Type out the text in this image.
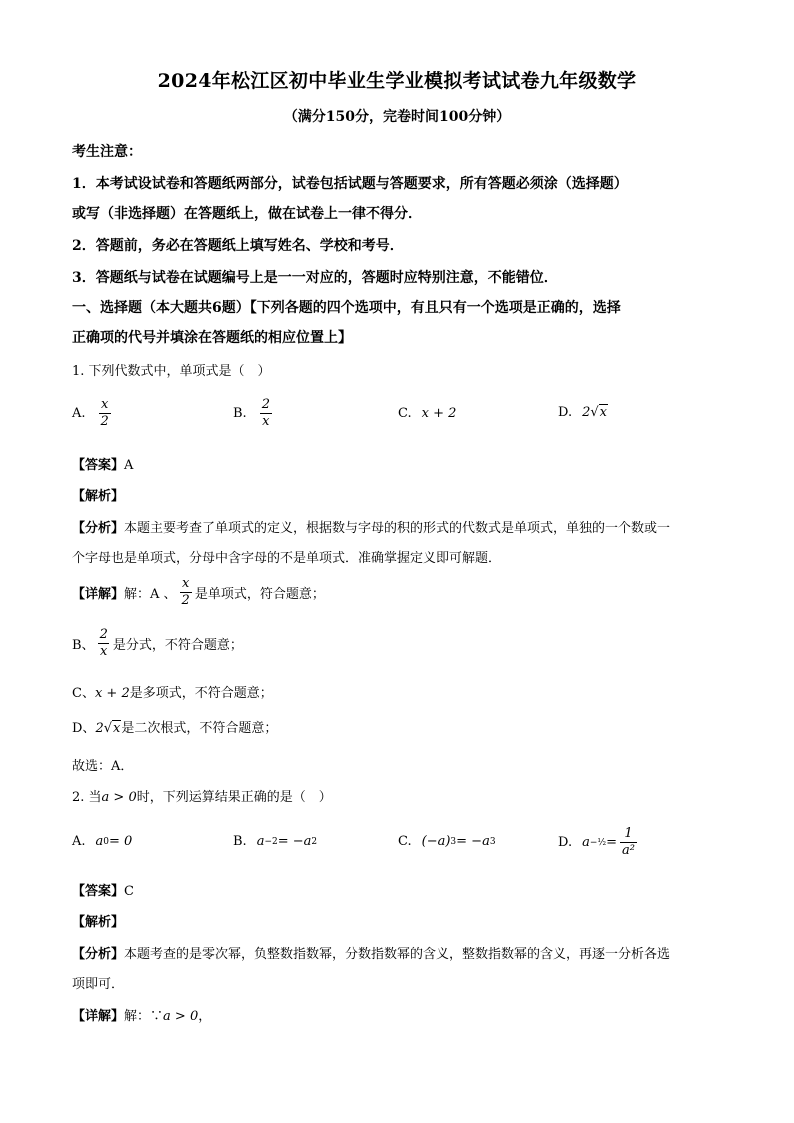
2024年松江区初中毕业生学业模拟考试试卷九年级数学
（满分150分，完卷时间100分钟）
考生注意：
1．本考试设试卷和答题纸两部分，试卷包括试题与答题要求，所有答题必须涂（选择题）
或写（非选择题）在答题纸上，做在试卷上一律不得分．
2．答题前，务必在答题纸上填写姓名、学校和考号．
3．答题纸与试卷在试题编号上是一一对应的，答题时应特别注意，不能错位．
一、选择题（本大题共6题）【下列各题的四个选项中，有且只有一个选项是正确的，选择
正确项的代号并填涂在答题纸的相应位置上】
1. 下列代数式中，单项式是（　）
A. $\frac{x}{2}$	B. $\frac{2}{x}$	C. x + 2	D. 2 √x
【答案】A
【解析】
【分析】本题主要考查了单项式的定义，根据数与字母的积的形式的代数式是单项式，单独的一个数或一
个字母也是单项式，分母中含字母的不是单项式．准确掌握定义即可解题．
【详解】 解：A 、 $\frac{x}{2}$ 是单项式，符合题意；
B、 $\frac{2}{x}$ 是分式，不符合题意；
C、x + 2是多项式，不符合题意；
D、2√x是二次根式，不符合题意；
故选：A．
2. 当a > 0时，下列运算结果正确的是（　）
A. a 0 = 0	B. a −2 = −a 2	C. (−a) 3 = −a 3	D. a −½ = $\frac{1}{\text{a²}}$
【答案】C
【解析】
【分析】本题考查的是零次幂，负整数指数幂，分数指数幂的含义，整数指数幂的含义，再逐一分析各选
项即可．
【详解】解：∵a > 0，
